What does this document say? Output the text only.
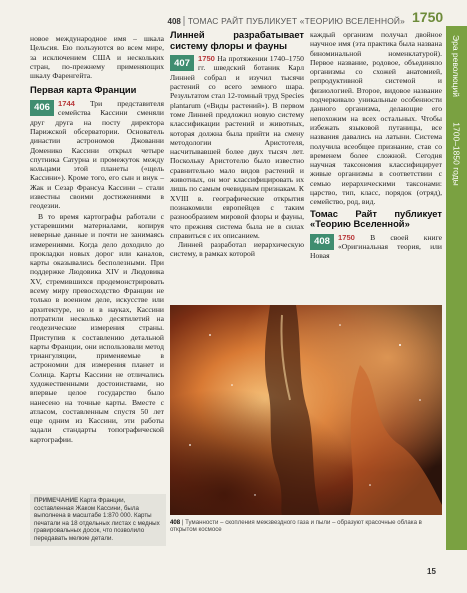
408 ТОМАС РАЙТ ПУБЛИКУЕТ «ТЕОРИЮ ВСЕЛЕННОЙ» 1750
Эра революций
1700–1850 годы

новое международное имя – шкала Цельсия. Ею пользуются во всем мире, за исключением США и нескольких стран, по-прежнему применяющих шкалу Фаренгейта.

Первая карта Франции
406	1744 Три представителя семейства Кассини сменяли друг друга на посту директора Парижской обсерватории. Основатель династии астрономов Джованни Доменико Кассини открыл четыре спутника Сатурна и промежуток между кольцами этой планеты («щель Кассини»). Кроме того, его сын и внук – Жак и Сезар Франсуа Кассини – стали известны своими достижениями в геодезии.

В то время картографы работали с устаревшими материалами, копируя неверные данные и почти не занимаясь измерениями. Когда дело доходило до прокладки новых дорог или каналов, карты оказывались бесполезными. При поддержке Людовика XIV и Людовика XV, стремившихся продемонстрировать всему миру превосходство Франции не только в военном деле, искусстве или архитектуре, но и в науках, Кассини потратили несколько десятилетий на геодезические измерения страны. Приступив к составлению детальной карты Франции, они использовали метод триангуляции, применяемые в астрономии для измерения планет и Солнца. Карты Кассини не отличались художественными достоинствами, но впервые целое государство было нанесено на точные карты. Вместе с атласом, составленным спустя 50 лет еще одним из Кассини, эти работы задали стандарты топографической картографии.

ПРИМЕЧАНИЕ Карта Франции, составленная Жаком Кассини, была выполнена в масштабе 1:870 000. Карты печатали на 18 отдельных листах с медных гравировальных досок, что позволило передавать мелкие детали.
Линней разрабатывает систему флоры и фауны
407	1750 На протяжении 1740–1750 гг. шведский ботаник Карл Линней собрал и изучил тысячи растений со всего земного шара. Результатом стал 12-томный труд Species plantarum («Виды растений»). В первом томе Линней предложил новую систему классификации растений и животных, которая должна была прийти на смену методологии Аристотеля, насчитывавшей более двух тысяч лет. Поскольку Аристотелю было известно сравнительно мало видов растений и животных, он мог классифицировать их лишь по самым очевидным признакам. К XVIII в. географические открытия познакомили европейцев с таким разнообразием мировой флоры и фауны, что прежняя система была не в силах справиться с их описанием.

Линней разработал иерархическую систему, в рамках которой

каждый организм получал двойное научное имя (эта практика была названа биноминальной номенклатурой). Первое название, родовое, объединяло организмы со схожей анатомией, репродуктивной системой и физиологией. Второе, видовое название подчеркивало уникальные особенности данного организма, делающие его непохожим на всех остальных. Чтобы избежать языковой путаницы, все названия давались на латыни. Система получила всеобщее признание, став со временем более сложной. Сегодня научная таксономия классифицирует живые организмы в соответствии с семью иерархическими таксонами: царство, тип, класс, порядок (отряд), семейство, род, вид.

Томас Райт публикует «Теорию Вселенной»
408	1750 В своей книге «Оригинальная теория, или Новая
408 | Туманности – скопления межзвездного газа и пыли – образуют красочные облака в открытом космосе
15
